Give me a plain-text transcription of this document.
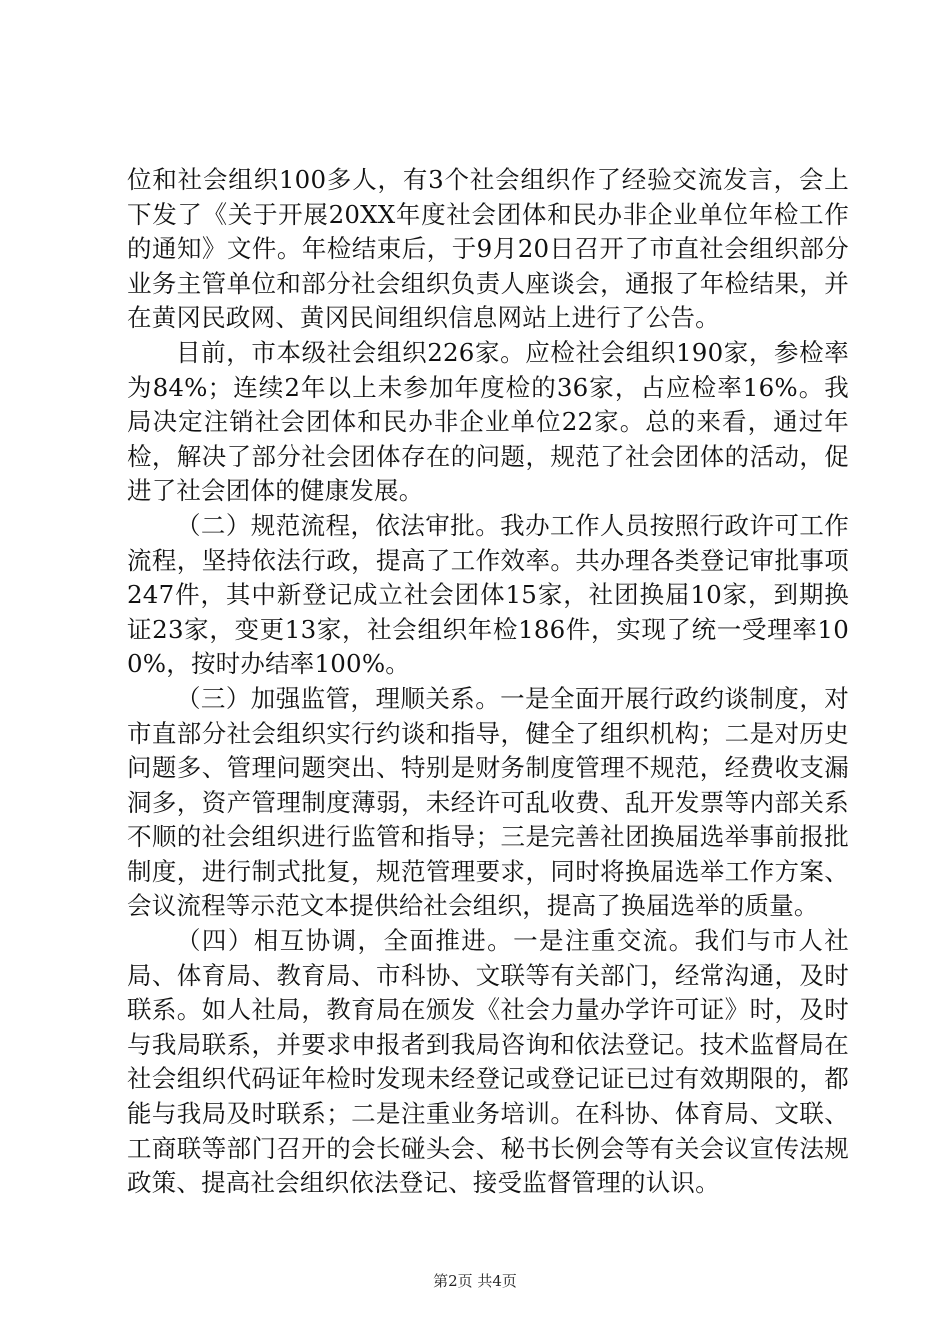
位和社会组织100多人，有3个社会组织作了经验交流发言，会上下发了《关于开展20XX年度社会团体和民办非企业单位年检工作的通知》文件。年检结束后，于9月20日召开了市直社会组织部分业务主管单位和部分社会组织负责人座谈会，通报了年检结果，并在黄冈民政网、黄冈民间组织信息网站上进行了公告。

目前，市本级社会组织226家。应检社会组织190家，参检率为84%；连续2年以上未参加年度检的36家，占应检率16%。我局决定注销社会团体和民办非企业单位22家。总的来看，通过年检，解决了部分社会团体存在的问题，规范了社会团体的活动，促进了社会团体的健康发展。

（二）规范流程，依法审批。我办工作人员按照行政许可工作流程，坚持依法行政，提高了工作效率。共办理各类登记审批事项247件，其中新登记成立社会团体15家，社团换届10家，到期换证23家，变更13家，社会组织年检186件，实现了统一受理率100%，按时办结率100%。

（三）加强监管，理顺关系。一是全面开展行政约谈制度，对市直部分社会组织实行约谈和指导，健全了组织机构；二是对历史问题多、管理问题突出、特别是财务制度管理不规范，经费收支漏洞多，资产管理制度薄弱，未经许可乱收费、乱开发票等内部关系不顺的社会组织进行监管和指导；三是完善社团换届选举事前报批制度，进行制式批复，规范管理要求，同时将换届选举工作方案、会议流程等示范文本提供给社会组织，提高了换届选举的质量。

（四）相互协调，全面推进。一是注重交流。我们与市人社局、体育局、教育局、市科协、文联等有关部门，经常沟通，及时联系。如人社局，教育局在颁发《社会力量办学许可证》时，及时与我局联系，并要求申报者到我局咨询和依法登记。技术监督局在社会组织代码证年检时发现未经登记或登记证已过有效期限的，都能与我局及时联系；二是注重业务培训。在科协、体育局、文联、工商联等部门召开的会长碰头会、秘书长例会等有关会议宣传法规政策、提高社会组织依法登记、接受监督管理的认识。

第2页 共4页
